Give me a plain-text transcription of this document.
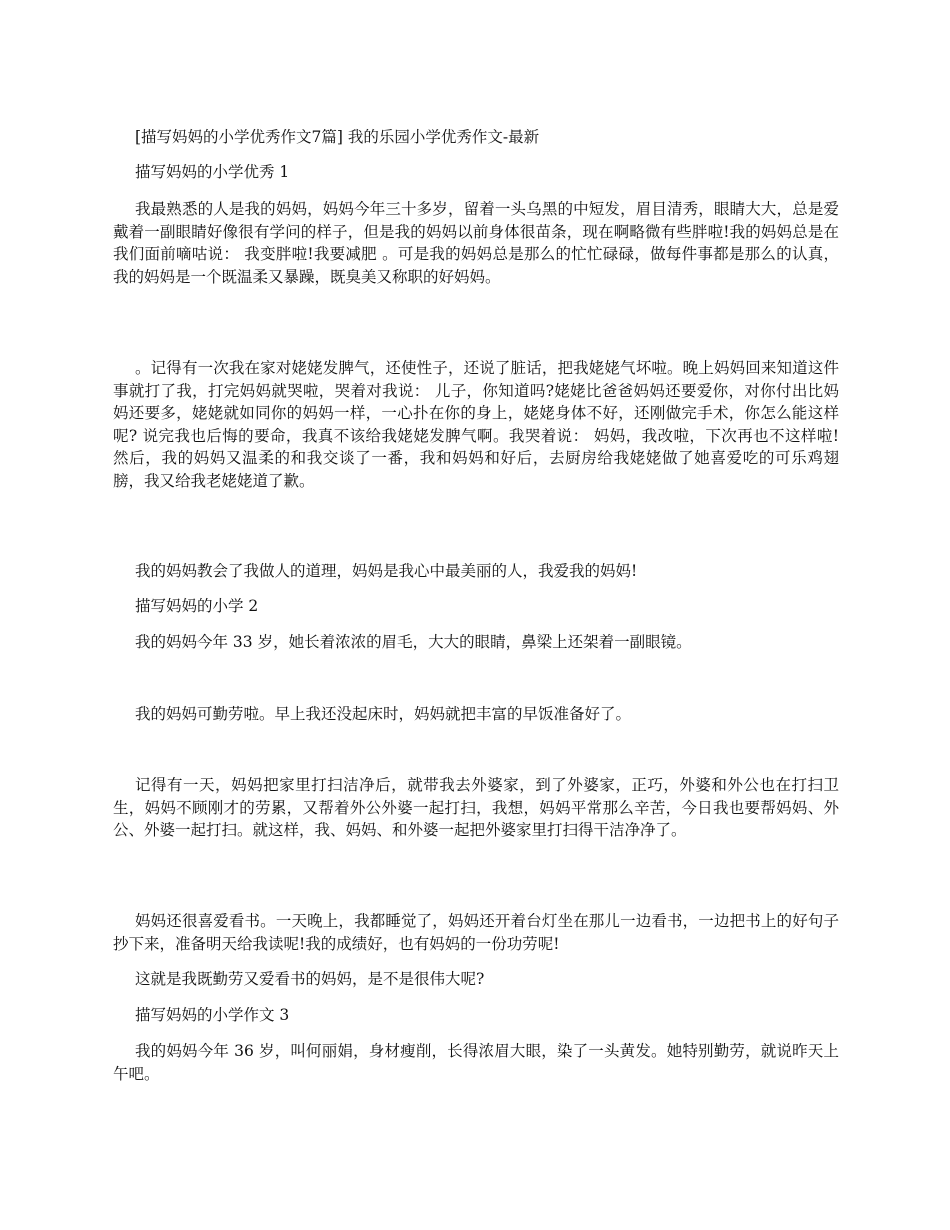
[描写妈妈的小学优秀作文7篇] 我的乐园小学优秀作文-最新

描写妈妈的小学优秀 1

我最熟悉的人是我的妈妈，妈妈今年三十多岁，留着一头乌黑的中短发，眉目清秀，眼睛大大，总是爱戴着一副眼睛好像很有学问的样子，但是我的妈妈以前身体很苗条，现在啊略微有些胖啦!我的妈妈总是在我们面前嘀咕说： 我变胖啦!我要减肥 。可是我的妈妈总是那么的忙忙碌碌，做每件事都是那么的认真，我的妈妈是一个既温柔又暴躁，既臭美又称职的好妈妈。

。记得有一次我在家对姥姥发脾气，还使性子，还说了脏话，把我姥姥气坏啦。晚上妈妈回来知道这件事就打了我，打完妈妈就哭啦，哭着对我说： 儿子，你知道吗?姥姥比爸爸妈妈还要爱你，对你付出比妈妈还要多，姥姥就如同你的妈妈一样，一心扑在你的身上，姥姥身体不好，还刚做完手术，你怎么能这样呢? 说完我也后悔的要命，我真不该给我姥姥发脾气啊。我哭着说： 妈妈，我改啦，下次再也不这样啦! 然后，我的妈妈又温柔的和我交谈了一番，我和妈妈和好后，去厨房给我姥姥做了她喜爱吃的可乐鸡翅膀，我又给我老姥姥道了歉。

我的妈妈教会了我做人的道理，妈妈是我心中最美丽的人，我爱我的妈妈!

描写妈妈的小学 2

我的妈妈今年 33 岁，她长着浓浓的眉毛，大大的眼睛，鼻梁上还架着一副眼镜。

我的妈妈可勤劳啦。早上我还没起床时，妈妈就把丰富的早饭准备好了。

记得有一天，妈妈把家里打扫洁净后，就带我去外婆家，到了外婆家，正巧，外婆和外公也在打扫卫生，妈妈不顾刚才的劳累，又帮着外公外婆一起打扫，我想，妈妈平常那么辛苦，今日我也要帮妈妈、外公、外婆一起打扫。就这样，我、妈妈、和外婆一起把外婆家里打扫得干洁净净了。

妈妈还很喜爱看书。一天晚上，我都睡觉了，妈妈还开着台灯坐在那儿一边看书，一边把书上的好句子抄下来，准备明天给我读呢!我的成绩好，也有妈妈的一份功劳呢!

这就是我既勤劳又爱看书的妈妈，是不是很伟大呢?

描写妈妈的小学作文 3

我的妈妈今年 36 岁，叫何丽娟，身材瘦削，长得浓眉大眼，染了一头黄发。她特别勤劳，就说昨天上午吧。
